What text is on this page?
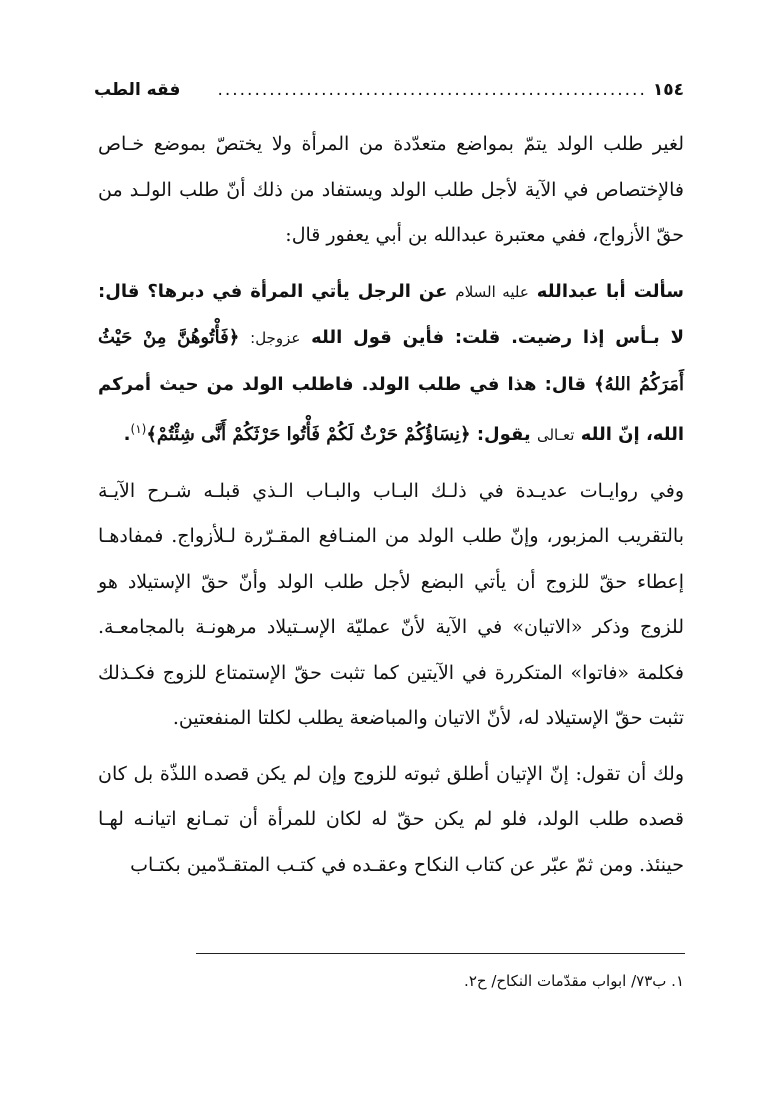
١٥٤
..........................................................
فقه الطب

لغير طلب الولد يتمّ بمواضع متعدّدة من المرأة ولا يختصّ بموضع خـاص فالإختصاص في الآية لأجل طلب الولد ويستفاد من ذلك أنّ طلب الولـد من حقّ الأزواج، ففي معتبرة عبدالله بن أبي يعفور قال:

سألت أبا عبدالله عليه السلام عن الرجل يأتي المرأة في دبرها؟ قال: لا بـأس إذا رضيت. قلت: فأين قول الله عزوجل: ﴿فَأْتُوهُنَّ مِنْ حَيْثُ أَمَرَكُمُ اللهُ﴾ قال: هذا في طلب الولد. فاطلب الولد من حيث أمركم الله، إنّ الله تعـالى يقول: ﴿نِسَاؤُكُمْ حَرْثٌ لَكُمْ فَأْتُوا حَرْثَكُمْ أَنَّى شِئْتُمْ﴾$^{(١)}$.

وفي روايـات عديـدة في ذلـك البـاب والبـاب الـذي قبلـه شـرح الآيـة بالتقريب المزبور، وإنّ طلب الولد من المنـافع المقـرّرة لـلأزواج. فمفادهـا إعطاء حقّ للزوج أن يأتي البضع لأجل طلب الولد وأنّ حقّ الإستيلاد هو للزوج وذكر «الاتيان» في الآية لأنّ عمليّة الإسـتيلاد مرهونـة بالمجامعـة. فكلمة «فاتوا» المتكررة في الآيتين كما تثبت حقّ الإستمتاع للزوج فكـذلك تثبت حقّ الإستيلاد له، لأنّ الاتيان والمباضعة يطلب لكلتا المنفعتين.

ولك أن تقول: إنّ الإتيان أطلق ثبوته للزوج وإن لم يكن قصده اللذّة بل كان قصده طلب الولد، فلو لم يكن حقّ له لكان للمرأة أن تمـانع اتيانـه لهـا حينئذ. ومن ثمّ عبّر عن كتاب النكاح وعقـده في كتـب المتقـدّمين بكتـاب

١. ب٧٣/ ابواب مقدّمات النكاح/ ح٢.
